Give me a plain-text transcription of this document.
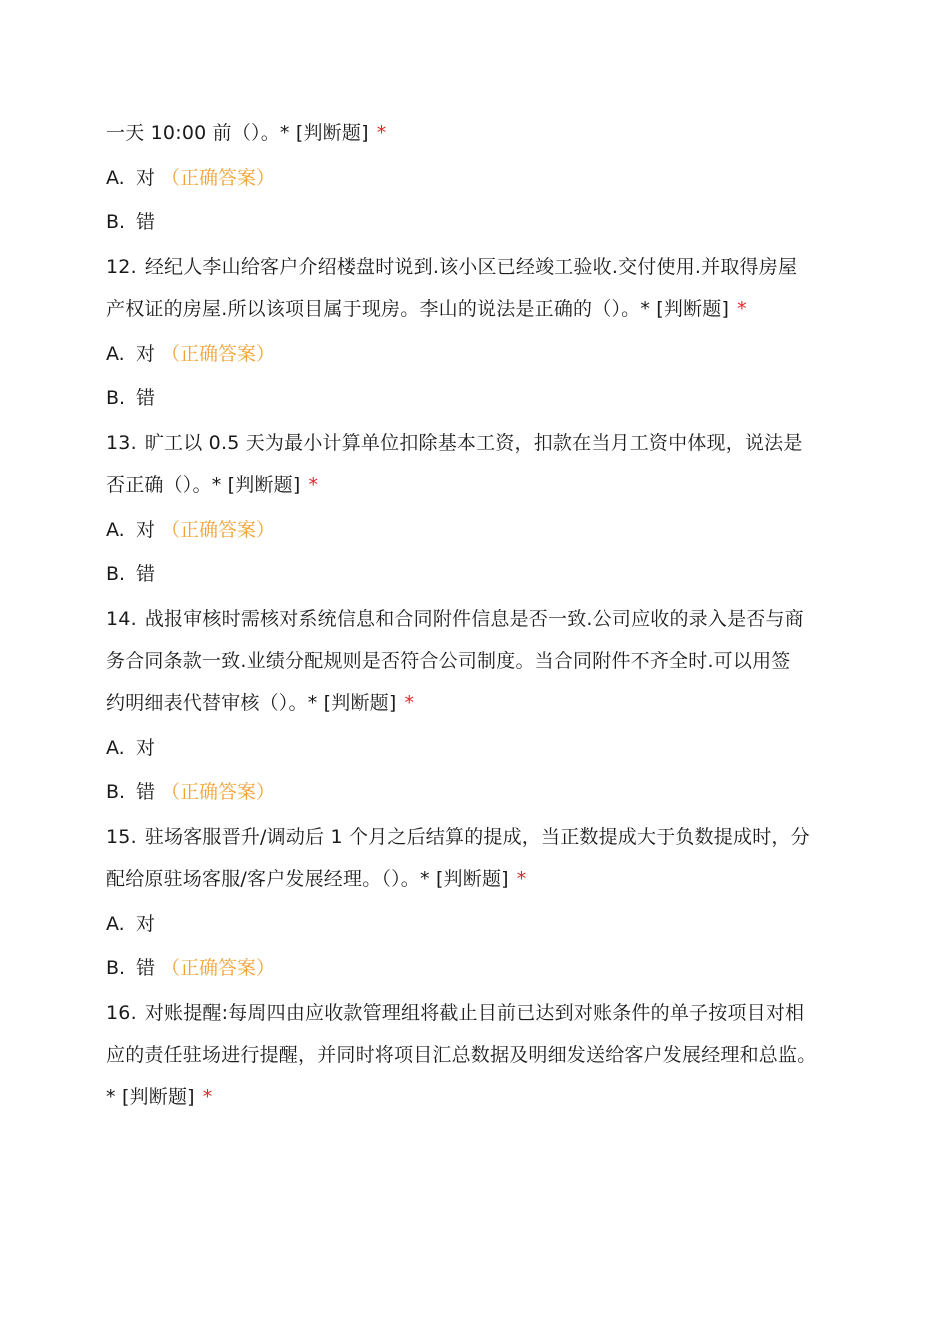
一天 10:00 前（）。* [判断题] *

A. 对 （正确答案）

B. 错

12. 经纪人李山给客户介绍楼盘时说到.该小区已经竣工验收.交付使用.并取得房屋

产权证的房屋.所以该项目属于现房。李山的说法是正确的（）。* [判断题] *

A. 对 （正确答案）

B. 错

13. 旷工以 0.5 天为最小计算单位扣除基本工资，扣款在当月工资中体现，说法是

否正确（）。* [判断题] *

A. 对 （正确答案）

B. 错

14. 战报审核时需核对系统信息和合同附件信息是否一致.公司应收的录入是否与商

务合同条款一致.业绩分配规则是否符合公司制度。当合同附件不齐全时.可以用签

约明细表代替审核（）。* [判断题] *

A. 对

B. 错 （正确答案）

15. 驻场客服晋升/调动后 1 个月之后结算的提成，当正数提成大于负数提成时，分

配给原驻场客服/客户发展经理。（）。* [判断题] *

A. 对

B. 错 （正确答案）

16. 对账提醒:每周四由应收款管理组将截止目前已达到对账条件的单子按项目对相

应的责任驻场进行提醒，并同时将项目汇总数据及明细发送给客户发展经理和总监。

* [判断题] *
